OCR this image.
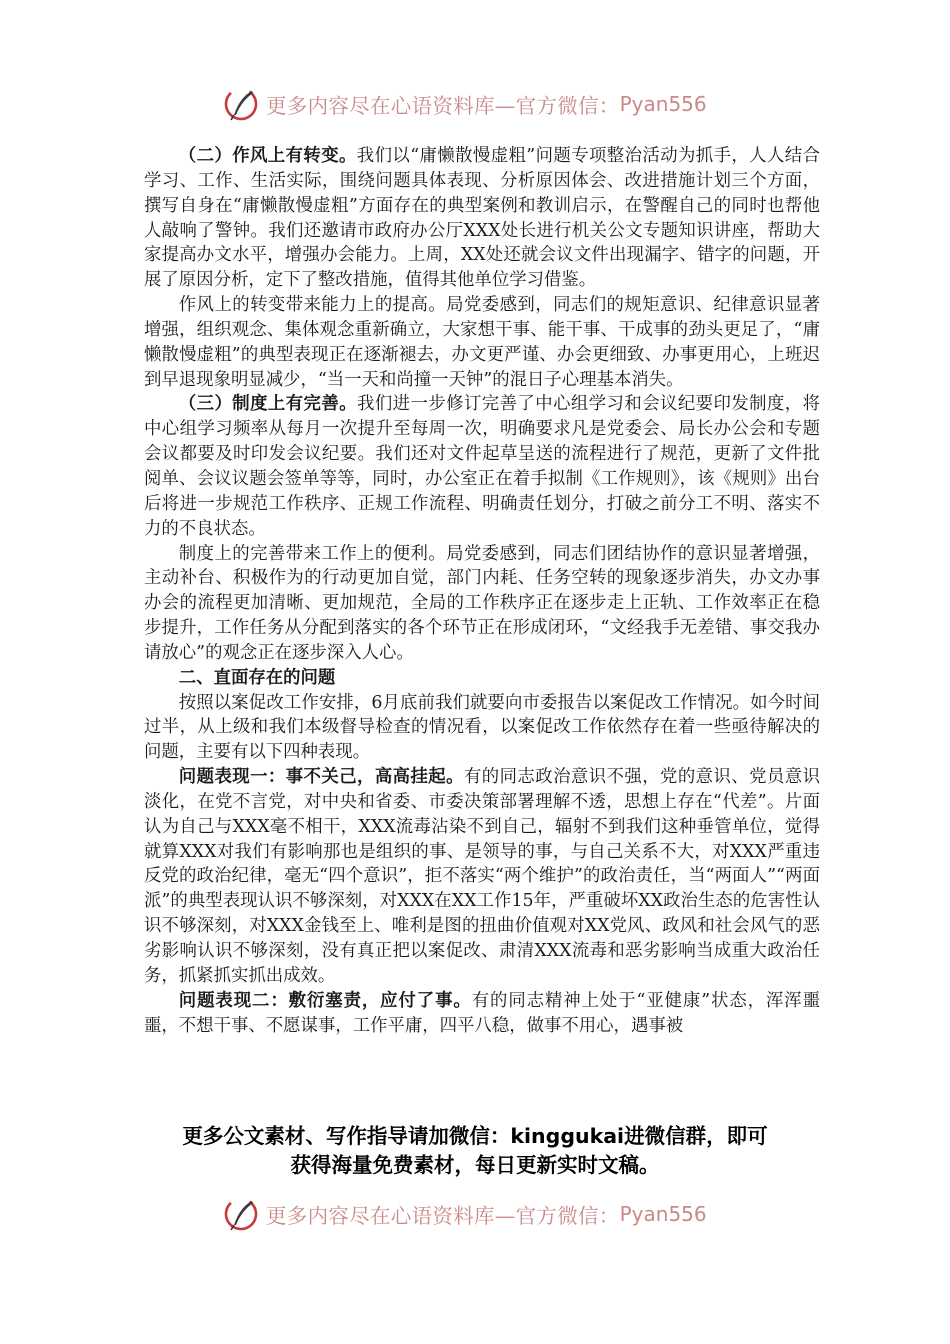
更多内容尽在心语资料库—官方微信： Pyan556

（二）作风上有转变。我们以“庸懒散慢虚粗”问题专项整治活动为抓手，人人结合学习、工作、生活实际，围绕问题具体表现、分析原因体会、改进措施计划三个方面，撰写自身在“庸懒散慢虚粗”方面存在的典型案例和教训启示，在警醒自己的同时也帮他人敲响了警钟。我们还邀请市政府办公厅XXX处长进行机关公文专题知识讲座，帮助大家提高办文水平，增强办会能力。上周，XX处还就会议文件出现漏字、错字的问题，开展了原因分析，定下了整改措施，值得其他单位学习借鉴。

作风上的转变带来能力上的提高。局党委感到，同志们的规矩意识、纪律意识显著增强，组织观念、集体观念重新确立，大家想干事、能干事、干成事的劲头更足了，“庸懒散慢虚粗”的典型表现正在逐渐褪去，办文更严谨、办会更细致、办事更用心，上班迟到早退现象明显减少，“当一天和尚撞一天钟”的混日子心理基本消失。

（三）制度上有完善。我们进一步修订完善了中心组学习和会议纪要印发制度，将中心组学习频率从每月一次提升至每周一次，明确要求凡是党委会、局长办公会和专题会议都要及时印发会议纪要。我们还对文件起草呈送的流程进行了规范，更新了文件批阅单、会议议题会签单等等，同时，办公室正在着手拟制《工作规则》，该《规则》出台后将进一步规范工作秩序、正规工作流程、明确责任划分，打破之前分工不明、落实不力的不良状态。

制度上的完善带来工作上的便利。局党委感到，同志们团结协作的意识显著增强，主动补台、积极作为的行动更加自觉，部门内耗、任务空转的现象逐步消失，办文办事办会的流程更加清晰、更加规范，全局的工作秩序正在逐步走上正轨、工作效率正在稳步提升，工作任务从分配到落实的各个环节正在形成闭环，“文经我手无差错、事交我办请放心”的观念正在逐步深入人心。

二、直面存在的问题

按照以案促改工作安排，6月底前我们就要向市委报告以案促改工作情况。如今时间过半，从上级和我们本级督导检查的情况看，以案促改工作依然存在着一些亟待解决的问题，主要有以下四种表现。

问题表现一：事不关己，高高挂起。有的同志政治意识不强，党的意识、党员意识淡化，在党不言党，对中央和省委、市委决策部署理解不透，思想上存在“代差”。片面认为自己与XXX毫不相干，XXX流毒沾染不到自己，辐射不到我们这种垂管单位，觉得就算XXX对我们有影响那也是组织的事、是领导的事，与自己关系不大，对XXX严重违反党的政治纪律，毫无“四个意识”，拒不落实“两个维护”的政治责任，当“两面人”“两面派”的典型表现认识不够深刻，对XXX在XX工作15年，严重破坏XX政治生态的危害性认识不够深刻，对XXX金钱至上、唯利是图的扭曲价值观对XX党风、政风和社会风气的恶劣影响认识不够深刻，没有真正把以案促改、肃清XXX流毒和恶劣影响当成重大政治任务，抓紧抓实抓出成效。

问题表现二：敷衍塞责，应付了事。有的同志精神上处于“亚健康”状态，浑浑噩噩，不想干事、不愿谋事，工作平庸，四平八稳，做事不用心，遇事被

更多公文素材、写作指导请加微信：kinggukai进微信群，即可
获得海量免费素材，每日更新实时文稿。
更多内容尽在心语资料库—官方微信： Pyan556
